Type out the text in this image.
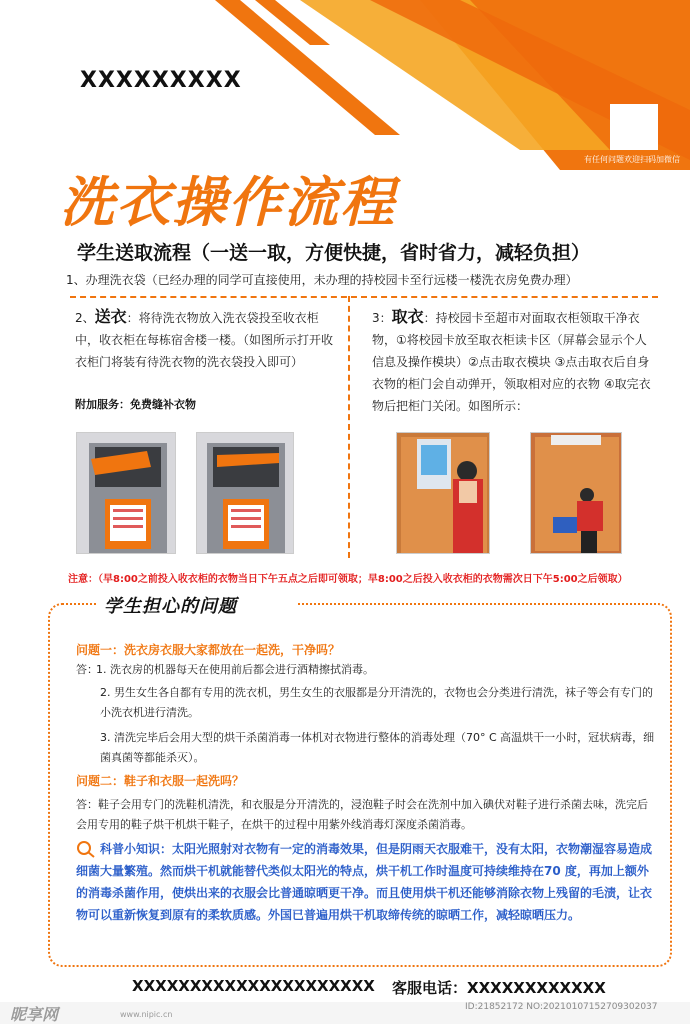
XXXXXXXXX
有任何问题欢迎扫码加微信
洗衣操作流程
学生送取流程（一送一取，方便快捷，省时省力，减轻负担）
1、办理洗衣袋（已经办理的同学可直接使用，未办理的持校园卡至行远楼一楼洗衣房免费办理）
2、送衣：将待洗衣物放入洗衣袋投至收衣柜中，收衣柜在每栋宿舍楼一楼。（如图所示打开收衣柜门将装有待洗衣物的洗衣袋投入即可）
附加服务：免费缝补衣物
3：取衣：持校园卡至超市对面取衣柜领取干净衣物，①将校园卡放至取衣柜读卡区（屏幕会显示个人信息及操作模块）②点击取衣模块 ③点击取衣后自身衣物的柜门会自动弹开，领取相对应的衣物 ④取完衣物后把柜门关闭。如图所示：
注意：（早8:00之前投入收衣柜的衣物当日下午五点之后即可领取；早8:00之后投入收衣柜的衣物需次日下午5:00之后领取）
学生担心的问题
问题一：洗衣房衣服大家都放在一起洗，干净吗？
答：
1. 洗衣房的机器每天在使用前后都会进行酒精擦拭消毒。
2. 男生女生各自都有专用的洗衣机，男生女生的衣服都是分开清洗的，衣物也会分类进行清洗，袜子等会有专门的小洗衣机进行清洗。
3. 清洗完毕后会用大型的烘干杀菌消毒一体机对衣物进行整体的消毒处理（70° C 高温烘干一小时，冠状病毒，细菌真菌等都能杀灭）。
问题二：鞋子和衣服一起洗吗？
答：鞋子会用专门的洗鞋机清洗，和衣服是分开清洗的，浸泡鞋子时会在洗剂中加入碘伏对鞋子进行杀菌去味，洗完后会用专用的鞋子烘干机烘干鞋子，在烘干的过程中用紫外线消毒灯深度杀菌消毒。
科普小知识：太阳光照射对衣物有一定的消毒效果，但是阴雨天衣服难干，没有太阳，衣物潮湿容易造成细菌大量繁殖。然而烘干机就能替代类似太阳光的特点，烘干机工作时温度可持续维持在70 度，再加上额外的消毒杀菌作用，使烘出来的衣服会比普通晾晒更干净。而且使用烘干机还能够消除衣物上残留的毛渍，让衣物可以重新恢复到原有的柔软质感。外国已普遍用烘干机取缔传统的晾晒工作，减轻晾晒压力。
XXXXXXXXXXXXXXXXXXXXX 客服电话：XXXXXXXXXXXX
昵享网	www.nipic.cn
ID:21852172 NO:20210107152709302037
